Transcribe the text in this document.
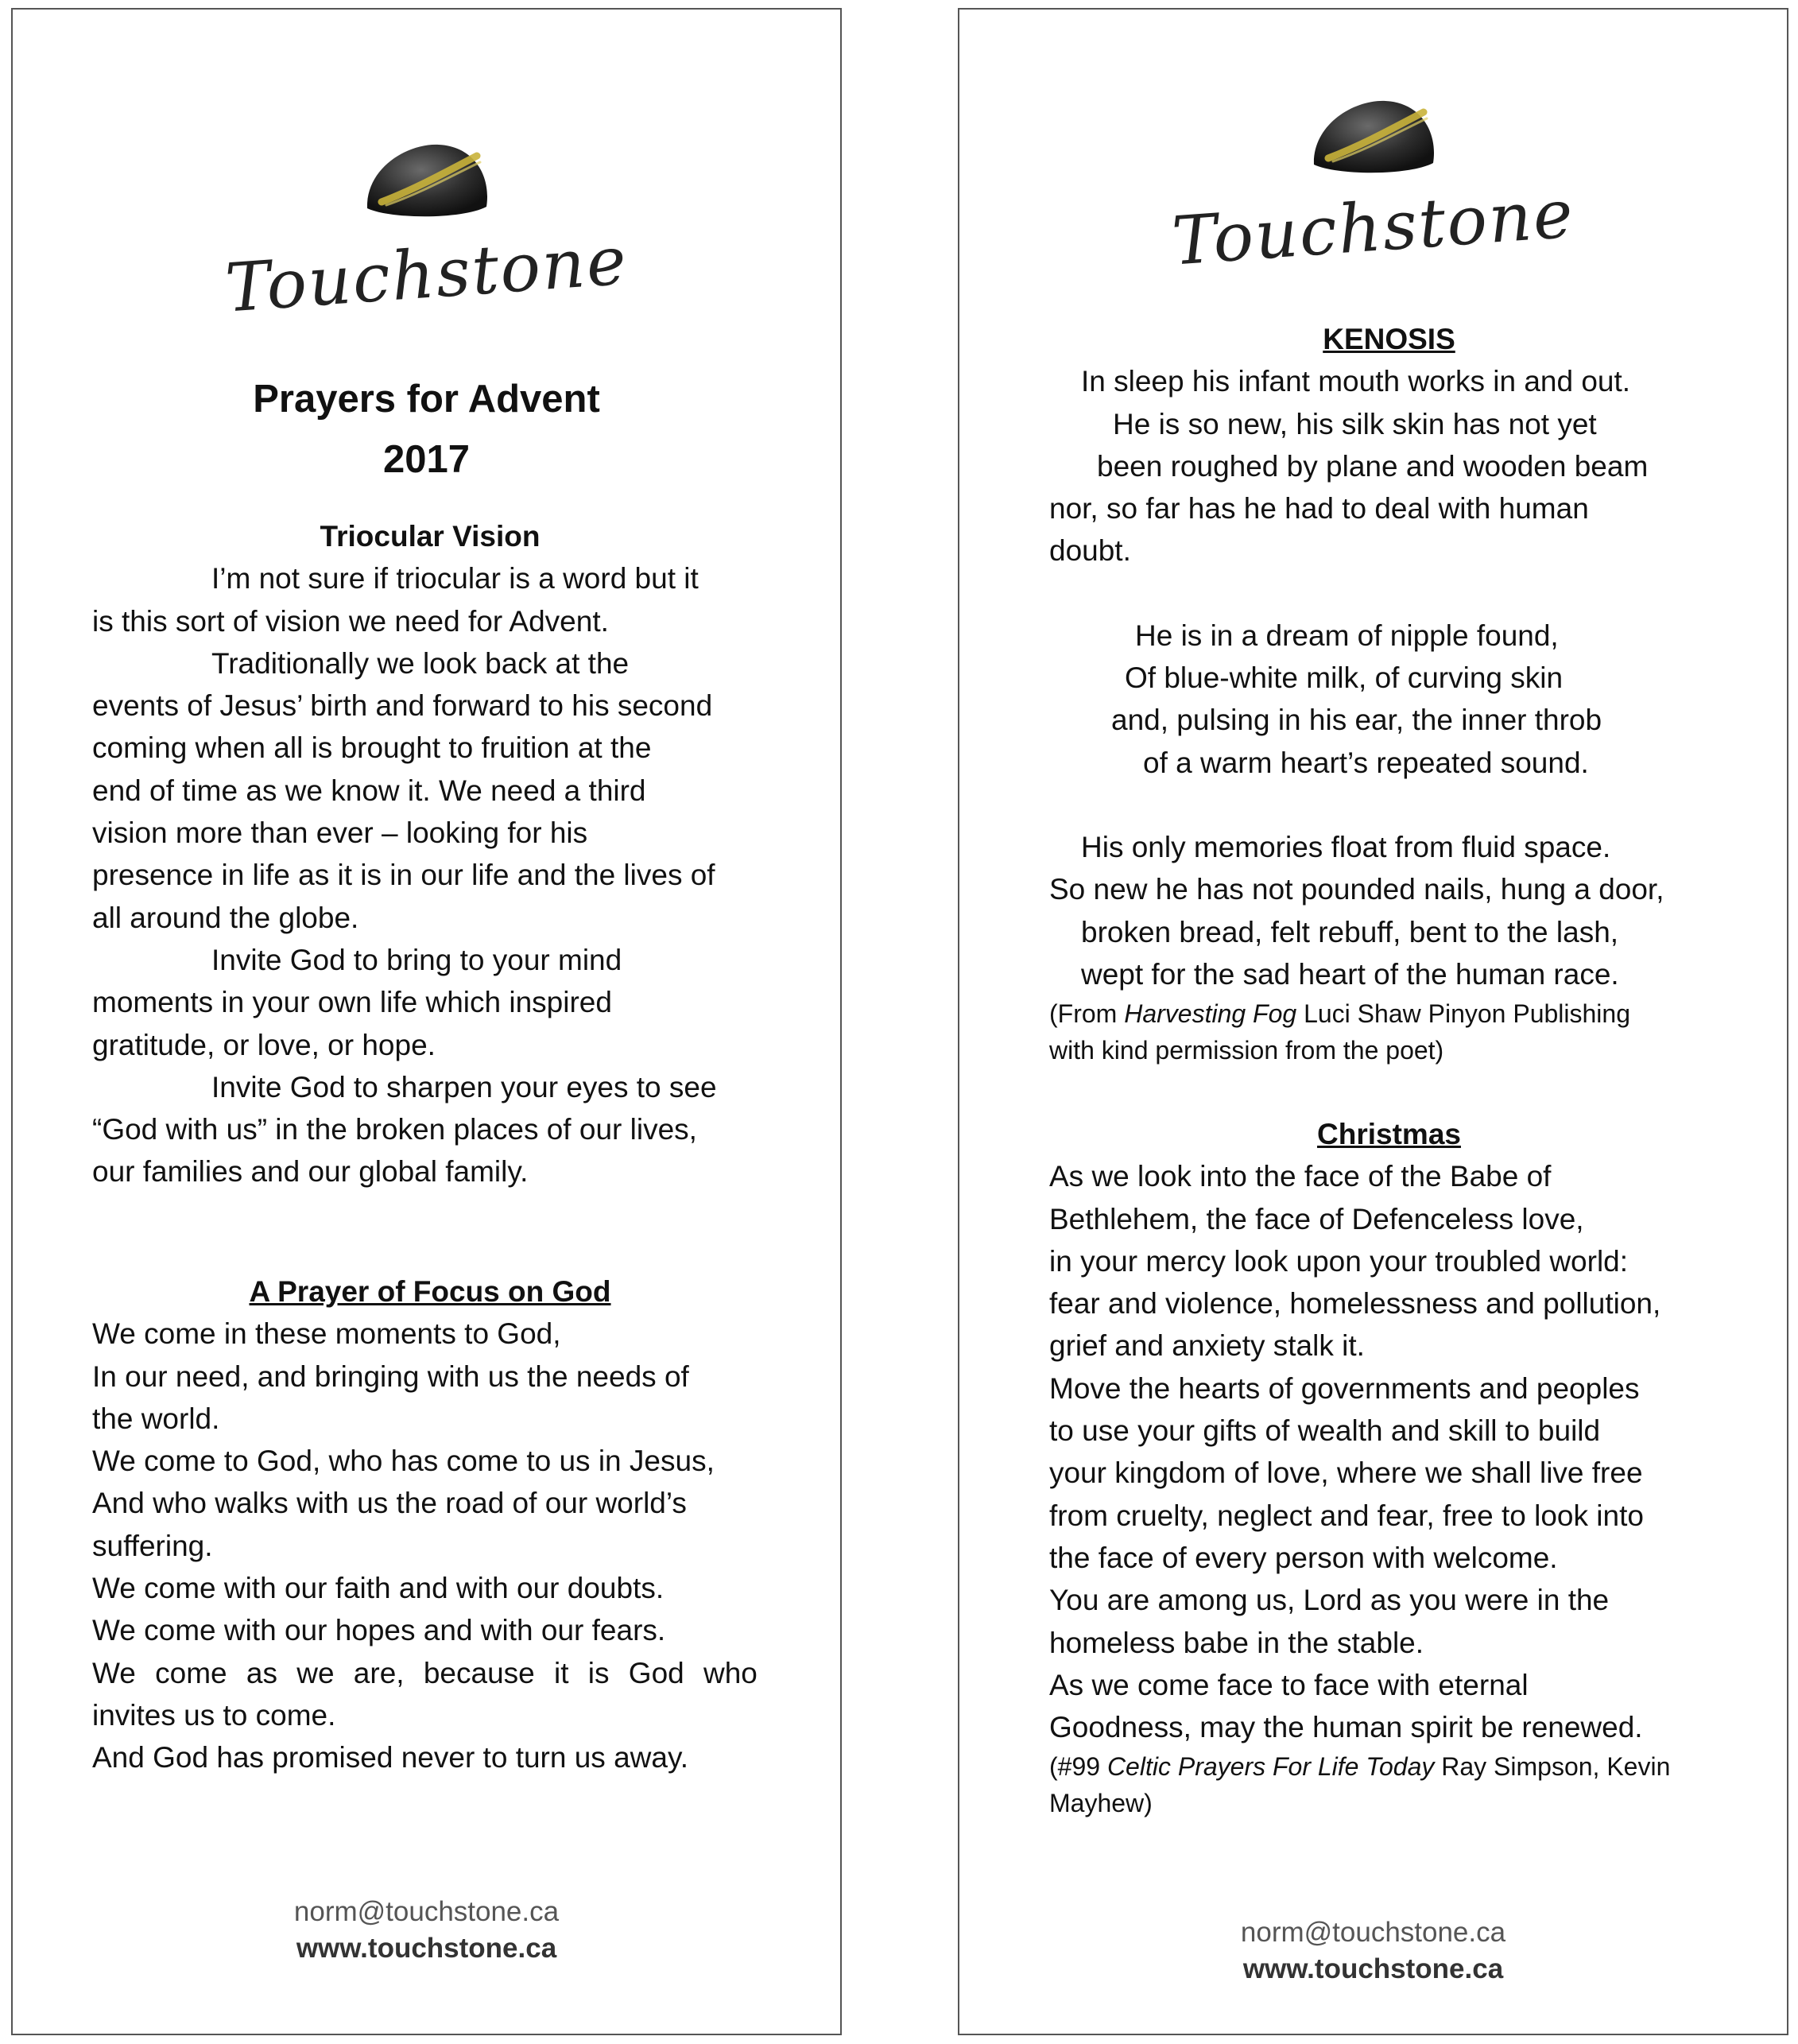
Touchstone
Prayers for Advent
2017
Triocular Vision
I’m not sure if triocular is a word but it
is this sort of vision we need for Advent.
Traditionally we look back at the
events of Jesus’ birth and forward to his second
coming when all is brought to fruition at the
end of time as we know it. We need a third
vision more than ever – looking for his
presence in life as it is in our life and the lives of
all around the globe.
Invite God to bring to your mind
moments in your own life which inspired
gratitude, or love, or hope.
Invite God to sharpen your eyes to see
“God with us” in the broken places of our lives,
our families and our global family.
A Prayer of Focus on God
We come in these moments to God,
In our need, and bringing with us the needs of
the world.
We come to God, who has come to us in Jesus,
And who walks with us the road of our world’s
suffering.
We come with our faith and with our doubts.
We come with our hopes and with our fears.
We come as we are, because it is God who
invites us to come.
And God has promised never to turn us away.
norm@touchstone.ca
www.touchstone.ca
Touchstone
KENOSIS
In sleep his infant mouth works in and out.
He is so new, his silk skin has not yet
been roughed by plane and wooden beam
nor, so far has he had to deal with human
doubt.
He is in a dream of nipple found,
Of blue-white milk, of curving skin
and, pulsing in his ear, the inner throb
of a warm heart’s repeated sound.
His only memories float from fluid space.
So new he has not pounded nails, hung a door,
broken bread, felt rebuff, bent to the lash,
wept for the sad heart of the human race.
(From Harvesting Fog Luci Shaw Pinyon Publishing
with kind permission from the poet)
Christmas
As we look into the face of the Babe of
Bethlehem, the face of Defenceless love,
in your mercy look upon your troubled world:
fear and violence, homelessness and pollution,
grief and anxiety stalk it.
Move the hearts of governments and peoples
to use your gifts of wealth and skill to build
your kingdom of love, where we shall live free
from cruelty, neglect and fear, free to look into
the face of every person with welcome.
You are among us, Lord as you were in the
homeless babe in the stable.
As we come face to face with eternal
Goodness, may the human spirit be renewed.
(#99 Celtic Prayers For Life Today Ray Simpson, Kevin
Mayhew)
norm@touchstone.ca
www.touchstone.ca
